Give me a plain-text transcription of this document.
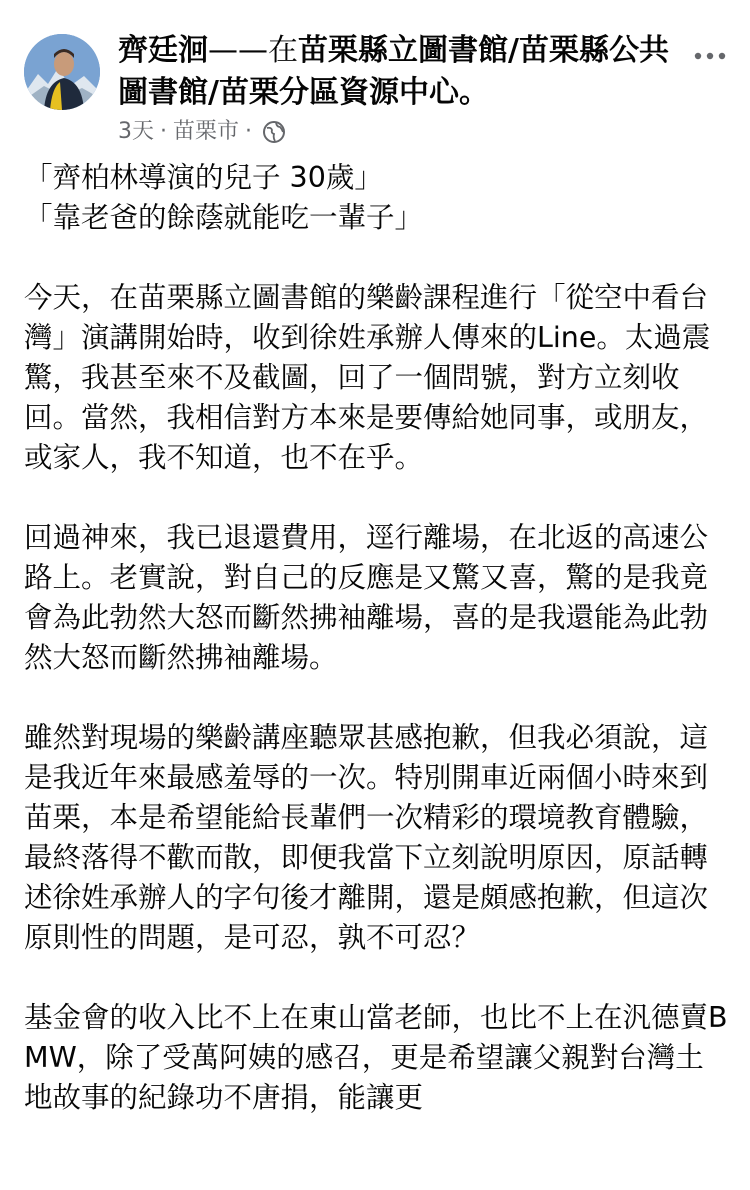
齊廷洄——在苗栗縣立圖書館/苗栗縣公共圖書館/苗栗分區資源中心。
3天 · 苗栗市 ·

「齊柏林導演的兒子 30歲」

「靠老爸的餘蔭就能吃一輩子」

今天，在苗栗縣立圖書館的樂齡課程進行「從空中看台灣」演講開始時，收到徐姓承辦人傳來的Line。太過震驚，我甚至來不及截圖，回了一個問號，對方立刻收回。當然，我相信對方本來是要傳給她同事，或朋友，或家人，我不知道，也不在乎。

回過神來，我已退還費用，逕行離場，在北返的高速公路上。老實說，對自己的反應是又驚又喜，驚的是我竟會為此勃然大怒而斷然拂袖離場，喜的是我還能為此勃然大怒而斷然拂袖離場。

雖然對現場的樂齡講座聽眾甚感抱歉，但我必須說，這是我近年來最感羞辱的一次。特別開車近兩個小時來到苗栗，本是希望能給長輩們一次精彩的環境教育體驗，最終落得不歡而散，即便我當下立刻說明原因，原話轉述徐姓承辦人的字句後才離開，還是頗感抱歉，但這次原則性的問題，是可忍，孰不可忍？

基金會的收入比不上在東山當老師，也比不上在汎德賣BMW，除了受萬阿姨的感召，更是希望讓父親對台灣土地故事的紀錄功不唐捐，能讓更
